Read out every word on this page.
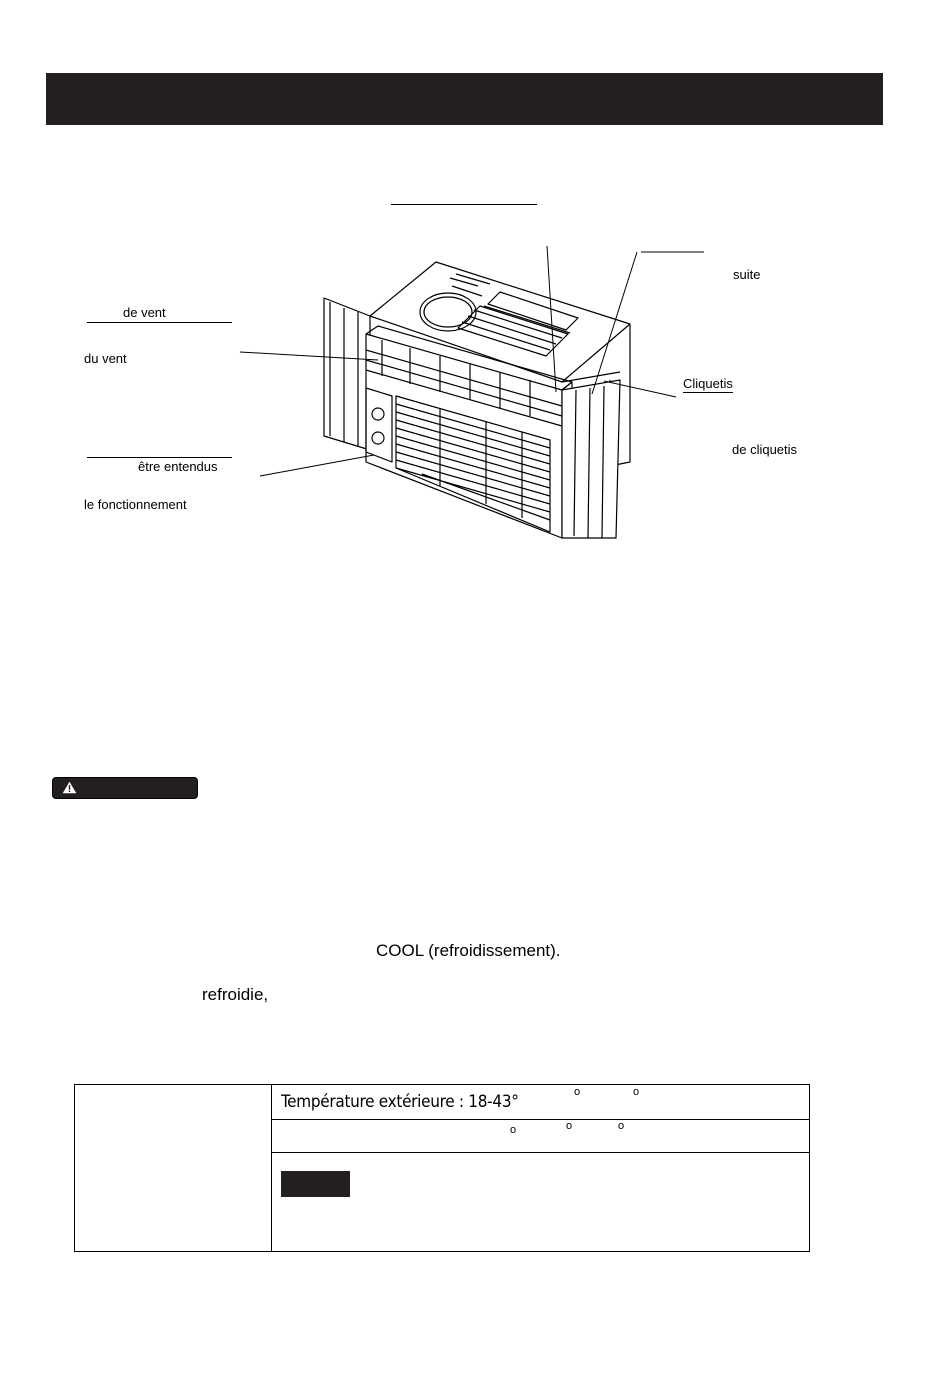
de vent
du vent
être entendus
le fonctionnement
suite
Cliquetis
de cliquetis
COOL (refroidissement).
refroidie,
Température extérieure : 18-43°	o	o
o	o	o
